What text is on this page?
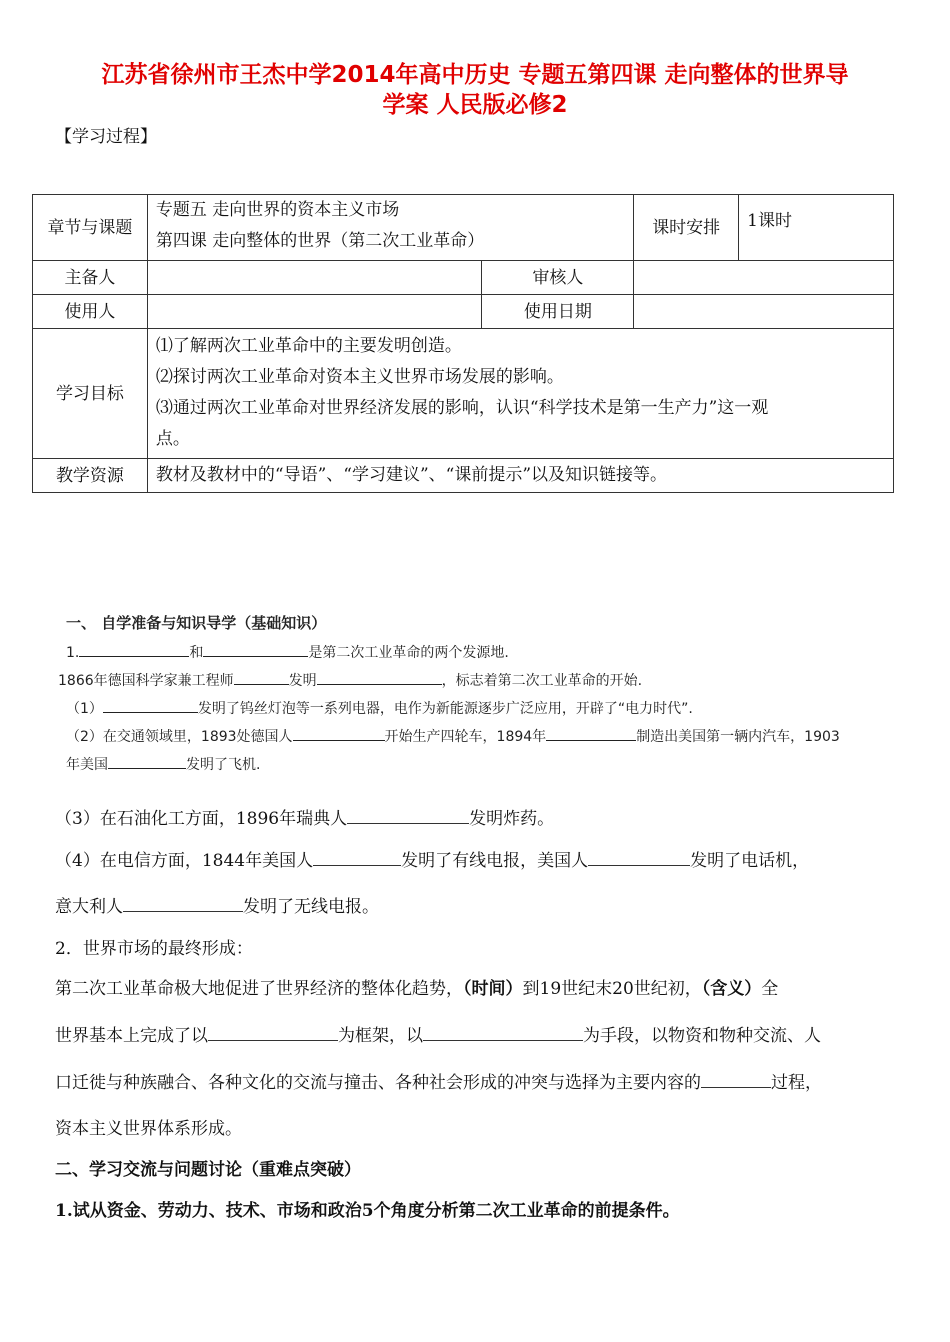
江苏省徐州市王杰中学2014年高中历史 专题五第四课 走向整体的世界导
学案 人民版必修2
【学习过程】
章节与课题	专题五 走向世界的资本主义市场
第四课 走向整体的世界（第二次工业革命）		课时安排	1课时
主备人		审核人		
使用人		使用日期		
学习目标	⑴了解两次工业革命中的主要发明创造。
⑵探讨两次工业革命对资本主义世界市场发展的影响。
⑶通过两次工业革命对世界经济发展的影响，认识“科学技术是第一生产力”这一观
点。			

教学资源	教材及教材中的“导语”、“学习建议”、“课前提示”以及知识链接等。			
一、 自学准备与知识导学（基础知识）
1.	和	是第二次工业革命的两个发源地.
1866年德国科学家兼工程师	发明	，标志着第二次工业革命的开始.
（1）	发明了钨丝灯泡等一系列电器，电作为新能源逐步广泛应用，开辟了“电力时代”.
（2）在交通领域里，1893处德国人	开始生产四轮车，1894年	制造出美国第一辆内汽车，1903
年美国	发明了飞机.
（3）在石油化工方面，1896年瑞典人	发明炸药。
（4）在电信方面，1844年美国人	发明了有线电报，美国人	发明了电话机，
意大利人	发明了无线电报。
2．世界市场的最终形成：
第二次工业革命极大地促进了世界经济的整体化趋势，（时间）到19世纪末20世纪初，（含义）全
世界基本上完成了以	为框架，以	为手段，以物资和物种交流、人
口迁徙与种族融合、各种文化的交流与撞击、各种社会形成的冲突与选择为主要内容的	过程，
资本主义世界体系形成。
二、学习交流与问题讨论（重难点突破）
1.试从资金、劳动力、技术、市场和政治5个角度分析第二次工业革命的前提条件。
